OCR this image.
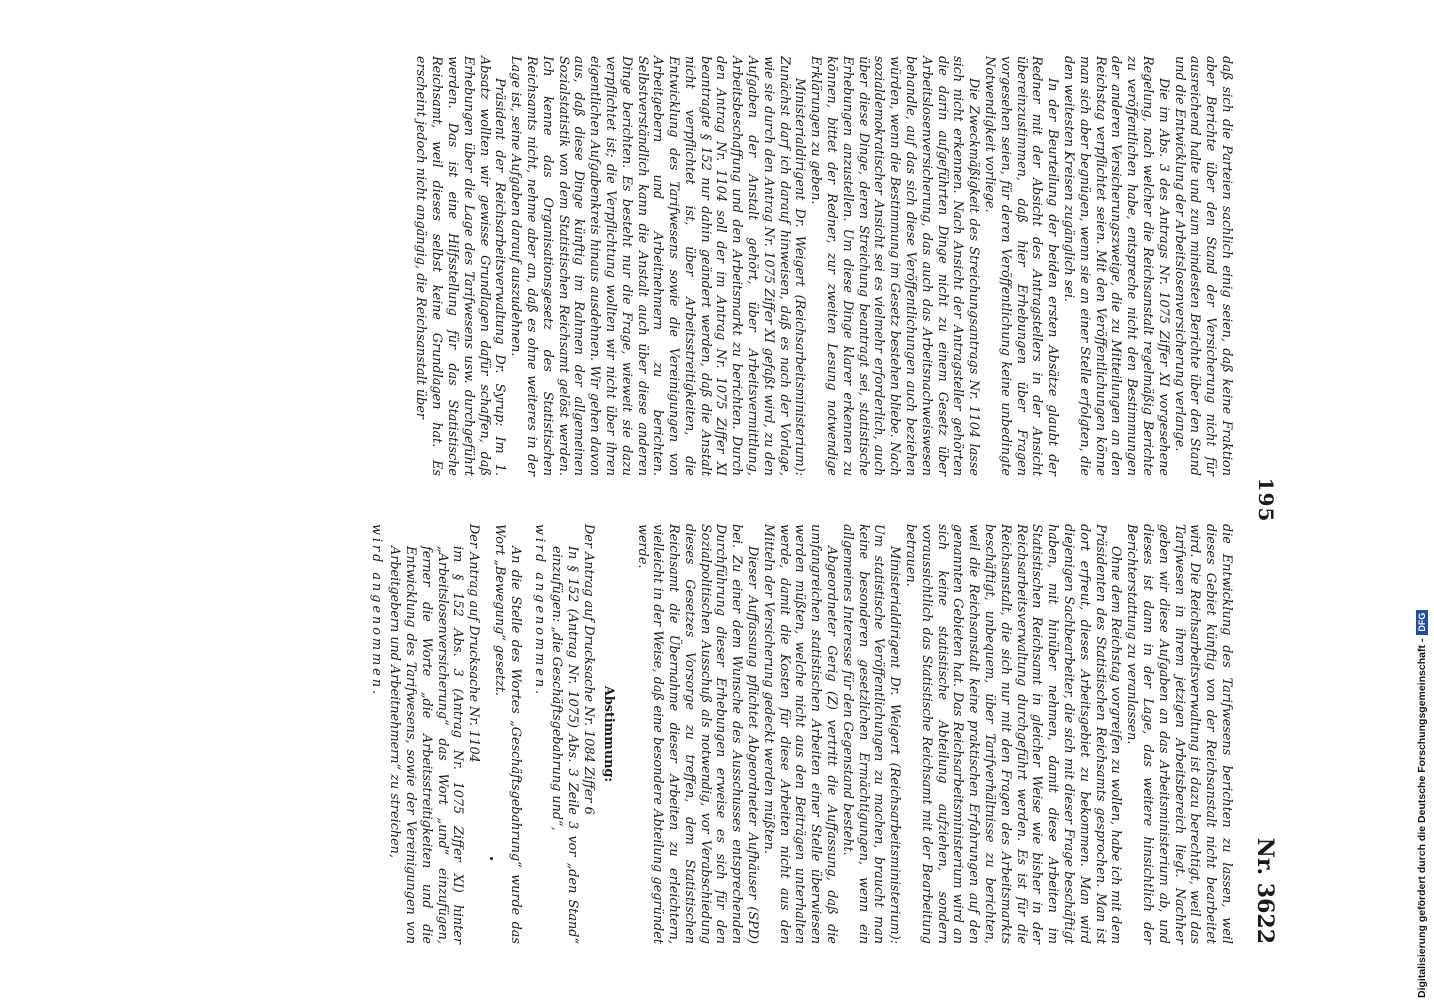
195
Nr. 3622

daß sich die Parteien sachlich einig seien, daß keine Fraktion aber Berichte über den Stand der Versicherung nicht für ausreichend halte und zum mindesten Berichte über den Stand und die Entwicklung der Arbeitslosenversicherung verlange.

Die im Abs. 3 des Antrags Nr. 1075 Ziffer XI vorgesehene Regelung, nach welcher die Reichsanstalt regelmäßig Berichte zu veröffentlichen habe, entspreche nicht den Bestimmungen der anderen Versicherungszweige, die zu Mitteilungen an den Reichstag verpflichtet seien. Mit den Veröffentlichungen könne man sich aber begnügen, wenn sie an einer Stelle erfolgten, die den weitesten Kreisen zugänglich sei.

In der Beurteilung der beiden ersten Absätze glaubt der Redner mit der Absicht des Antragstellers in der Ansicht übereinzustimmen, daß hier Erhebungen über Fragen vorgesehen seien, für deren Veröffentlichung keine unbedingte Notwendigkeit vorliege.

Die Zweckmäßigkeit des Streichungsantrags Nr. 1104 lasse sich nicht erkennen. Nach Ansicht der Antragsteller gehörten die darin aufgeführten Dinge nicht zu einem Gesetz über Arbeitslosenversicherung, das auch das Arbeitsnachweiswesen behandle, auf das sich diese Veröffentlichungen auch beziehen würden, wenn die Bestimmung im Gesetz bestehen bliebe. Nach sozialdemokratischer Ansicht sei es vielmehr erforderlich, auch über diese Dinge, deren Streichung beantragt sei, statistische Erhebungen anzustellen. Um diese Dinge klarer erkennen zu können, bittet der Redner, zur zweiten Lesung notwendige Erklärungen zu geben.

Ministerialdirigent Dr. Weigert (Reichsarbeitsministerium): Zunächst darf ich darauf hinweisen, daß es nach der Vorlage, wie sie durch den Antrag Nr. 1075 Ziffer XI gefaßt wird, zu den Aufgaben der Anstalt gehört, über Arbeitsvermittlung, Arbeitsbeschaffung und den Arbeitsmarkt zu berichten. Durch den Antrag Nr. 1104 soll der im Antrag Nr. 1075 Ziffer XI beantragte § 152 nur dahin geändert werden, daß die Anstalt nicht verpflichtet ist, über Arbeitsstreitigkeiten, die Entwicklung des Tarifwesens sowie die Vereinigungen von Arbeitgebern und Arbeitnehmern zu berichten. Selbstverständlich kann die Anstalt auch über diese anderen Dinge berichten. Es besteht nur die Frage, wieweit sie dazu verpflichtet ist; die Verpflichtung wollten wir nicht über ihren eigentlichen Aufgabenkreis hinaus ausdehnen. Wir gehen davon aus, daß diese Dinge künftig im Rahmen der allgemeinen Sozialstatistik von dem Statistischen Reichsamt gelöst werden. Ich kenne das Organisationsgesetz des Statistischen Reichsamts nicht, nehme aber an, daß es ohne weiteres in der Lage ist, seine Aufgaben darauf auszudehnen.

Präsident der Reichsarbeitsverwaltung Dr. Syrup: Im 1. Absatz wollten wir gewisse Grundlagen dafür schaffen, daß Erhebungen über die Lage des Tarifwesens usw. durchgeführt werden. Das ist eine Hilfsstellung für das Statistische Reichsamt, weil dieses selbst keine Grundlagen hat. Es erscheint jedoch nicht angängig, die Reichsanstalt über

die Entwicklung des Tarifwesens berichten zu lassen, weil dieses Gebiet künftig von der Reichsanstalt nicht bearbeitet wird. Die Reichsarbeitsverwaltung ist dazu berechtigt, weil das Tarifwesen in ihrem jetzigen Arbeitsbereich liegt. Nachher geben wir diese Aufgaben an das Arbeitsministerium ab, und dieses ist dann in der Lage, das weitere hinsichtlich der Berichterstattung zu veranlassen.

Ohne dem Reichstag vorgreifen zu wollen, habe ich mit dem Präsidenten des Statistischen Reichsamts gesprochen. Man ist dort erfreut, dieses Arbeitsgebiet zu bekommen. Man wird diejenigen Sachbearbeiter, die sich mit dieser Frage beschäftigt haben, mit hinüber nehmen, damit diese Arbeiten im Statistischen Reichsamt in gleicher Weise wie bisher in der Reichsarbeitsverwaltung durchgeführt werden. Es ist für die Reichsanstalt, die sich nur mit den Fragen des Arbeitsmarkts beschäftigt, unbequem, über Tarifverhältnisse zu berichten, weil die Reichsanstalt keine praktischen Erfahrungen auf den genannten Gebieten hat. Das Reichsarbeitsministerium wird an sich keine statistische Abteilung aufziehen, sondern voraussichtlich das Statistische Reichsamt mit der Bearbeitung betrauen.

Ministerialdirigent Dr. Weigert (Reichsarbeitsministerium): Um statistische Veröffentlichungen zu machen, braucht man keine besonderen gesetzlichen Ermächtigungen, wenn ein allgemeines Interesse für den Gegenstand besteht.

Abgeordneter Gerig (Z) vertritt die Auffassung, daß die umfangreichen statistischen Arbeiten einer Stelle überwiesen werden müßten, welche nicht aus den Beiträgen unterhalten werde, damit die Kosten für diese Arbeiten nicht aus den Mitteln der Versicherung gedeckt werden müßten.

Dieser Auffassung pflichtet Abgeordneter Aufhäuser (SPD) bei. Zu einer dem Wunsche des Ausschusses entsprechenden Durchführung dieser Erhebungen erweise es sich für den Sozialpolitischen Ausschuß als notwendig, vor Verabschiedung dieses Gesetzes Vorsorge zu treffen, dem Statistischen Reichsamt die Übernahme dieser Arbeiten zu erleichtern, vielleicht in der Weise, daß eine besondere Abteilung gegründet werde.

Abstimmung:

Der Antrag auf Drucksache Nr. 1084 Ziffer 6

In § 152 (Antrag Nr. 1075) Abs. 3 Zeile 3 vor „den Stand“ einzufügen: „die Geschäftsgebahrung und“,

wird angenommen.

An die Stelle des Wortes „Geschäftsgebahrung“ wurde das Wort „Bewegung“ gesetzt.

Der Antrag auf Drucksache Nr. 1104

im § 152 Abs. 3 (Antrag Nr. 1075 Ziffer XI) hinter „Arbeitslosenversicherung“ das Wort „und“ einzufügen, ferner die Worte „die Arbeitsstreitigkeiten und die Entwicklung des Tarifwesens, sowie der Vereinigungen von Arbeitgebern und Arbeitnehmern“ zu streichen,

wird angenommen.

Digitalisierung gefördert durch die Deutsche Forschungsgemeinschaft -
DFG
